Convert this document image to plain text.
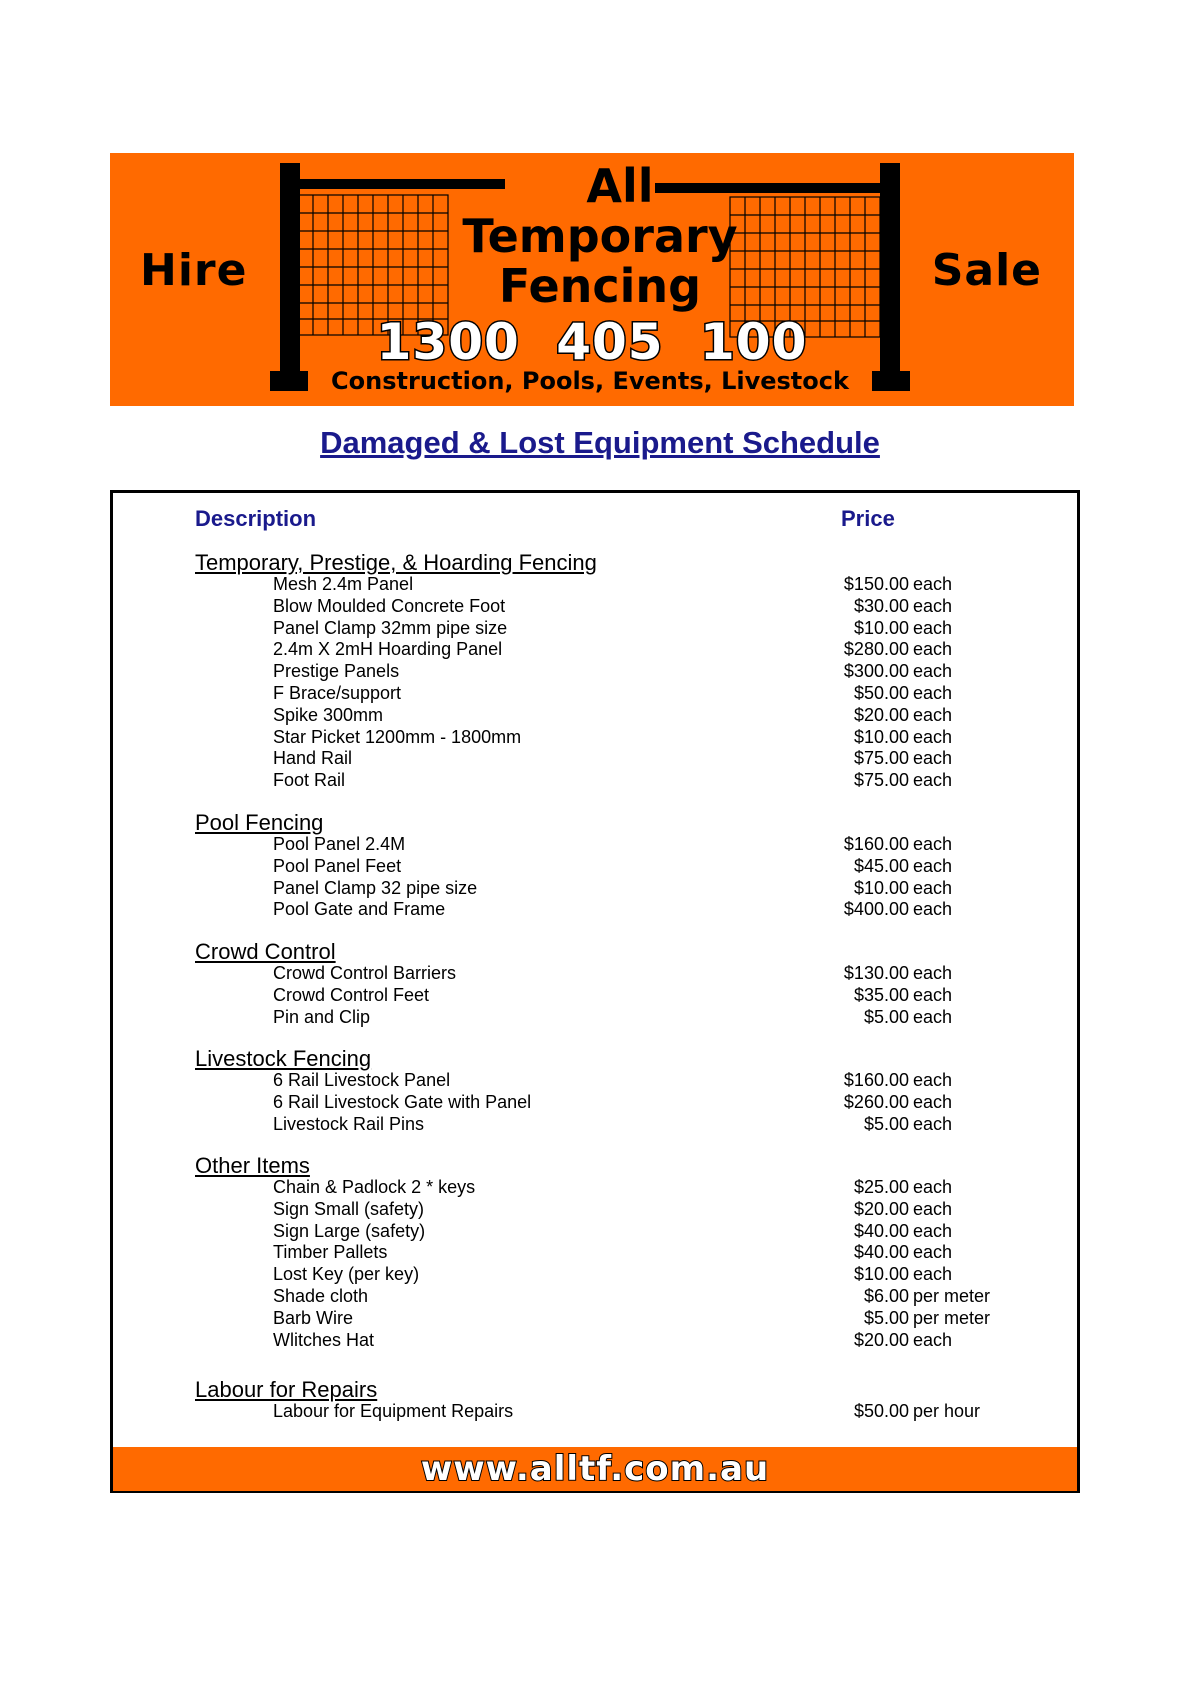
Hire	Sale
All
Temporary
Fencing
1300 405 100
Construction, Pools, Events, Livestock
Damaged & Lost Equipment Schedule
Description	Price
Temporary, Prestige, & Hoarding Fencing
Mesh 2.4m Panel	$150.00 each
Blow Moulded Concrete Foot	$30.00 each
Panel Clamp 32mm pipe size	$10.00 each
2.4m X 2mH Hoarding Panel	$280.00 each
Prestige Panels	$300.00 each
F Brace/support	$50.00 each
Spike 300mm	$20.00 each
Star Picket 1200mm - 1800mm	$10.00 each
Hand Rail	$75.00 each
Foot Rail	$75.00 each
Pool Fencing
Pool Panel 2.4M	$160.00 each
Pool Panel Feet	$45.00 each
Panel Clamp 32 pipe size	$10.00 each
Pool Gate and Frame	$400.00 each
Crowd Control
Crowd Control Barriers	$130.00 each
Crowd Control Feet	$35.00 each
Pin and Clip	$5.00 each
Livestock Fencing
6 Rail Livestock Panel	$160.00 each
6 Rail Livestock Gate with Panel	$260.00 each
Livestock Rail Pins	$5.00 each
Other Items
Chain & Padlock 2 * keys	$25.00 each
Sign Small (safety)	$20.00 each
Sign Large (safety)	$40.00 each
Timber Pallets	$40.00 each
Lost Key (per key)	$10.00 each
Shade cloth	$6.00 per meter
Barb Wire	$5.00 per meter
Wlitches Hat	$20.00 each
Labour for Repairs
Labour for Equipment Repairs	$50.00 per hour
www.alltf.com.au
